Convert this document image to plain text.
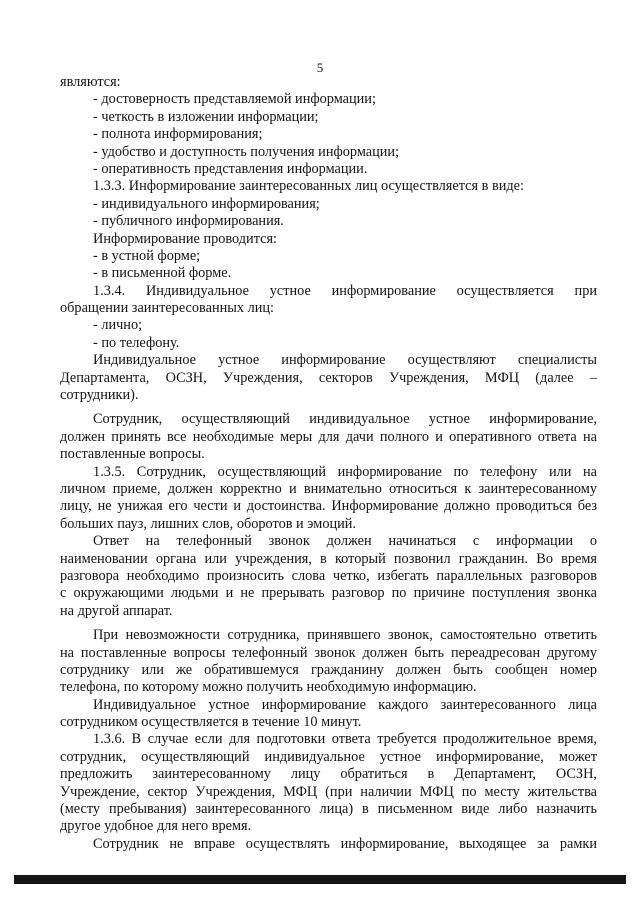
5
являются:
- достоверность представляемой информации;
- четкость в изложении информации;
- полнота информирования;
- удобство и доступность получения информации;
- оперативность представления информации.
1.3.3. Информирование заинтересованных лиц осуществляется в виде:
- индивидуального информирования;
- публичного информирования.
Информирование проводится:
- в устной форме;
- в письменной форме.
1.3.4. Индивидуальное устное информирование осуществляется при
обращении заинтересованных лиц:
- лично;
- по телефону.
Индивидуальное устное информирование осуществляют специалисты
Департамента, ОСЗН, Учреждения, секторов Учреждения, МФЦ (далее –
сотрудники).
Сотрудник, осуществляющий индивидуальное устное информирование,
должен принять все необходимые меры для дачи полного и оперативного ответа на
поставленные вопросы.
1.3.5. Сотрудник, осуществляющий информирование по телефону или на
личном приеме, должен корректно и внимательно относиться к заинтересованному
лицу, не унижая его чести и достоинства. Информирование должно проводиться без
больших пауз, лишних слов, оборотов и эмоций.
Ответ на телефонный звонок должен начинаться с информации о
наименовании органа или учреждения, в который позвонил гражданин. Во время
разговора необходимо произносить слова четко, избегать параллельных разговоров
с окружающими людьми и не прерывать разговор по причине поступления звонка
на другой аппарат.
При невозможности сотрудника, принявшего звонок, самостоятельно ответить
на поставленные вопросы телефонный звонок должен быть переадресован другому
сотруднику или же обратившемуся гражданину должен быть сообщен номер
телефона, по которому можно получить необходимую информацию.
Индивидуальное устное информирование каждого заинтересованного лица
сотрудником осуществляется в течение 10 минут.
1.3.6. В случае если для подготовки ответа требуется продолжительное время,
сотрудник, осуществляющий индивидуальное устное информирование, может
предложить заинтересованному лицу обратиться в Департамент, ОСЗН,
Учреждение, сектор Учреждения, МФЦ (при наличии МФЦ по месту жительства
(месту пребывания) заинтересованного лица) в письменном виде либо назначить
другое удобное для него время.
Сотрудник не вправе осуществлять информирование, выходящее за рамки
